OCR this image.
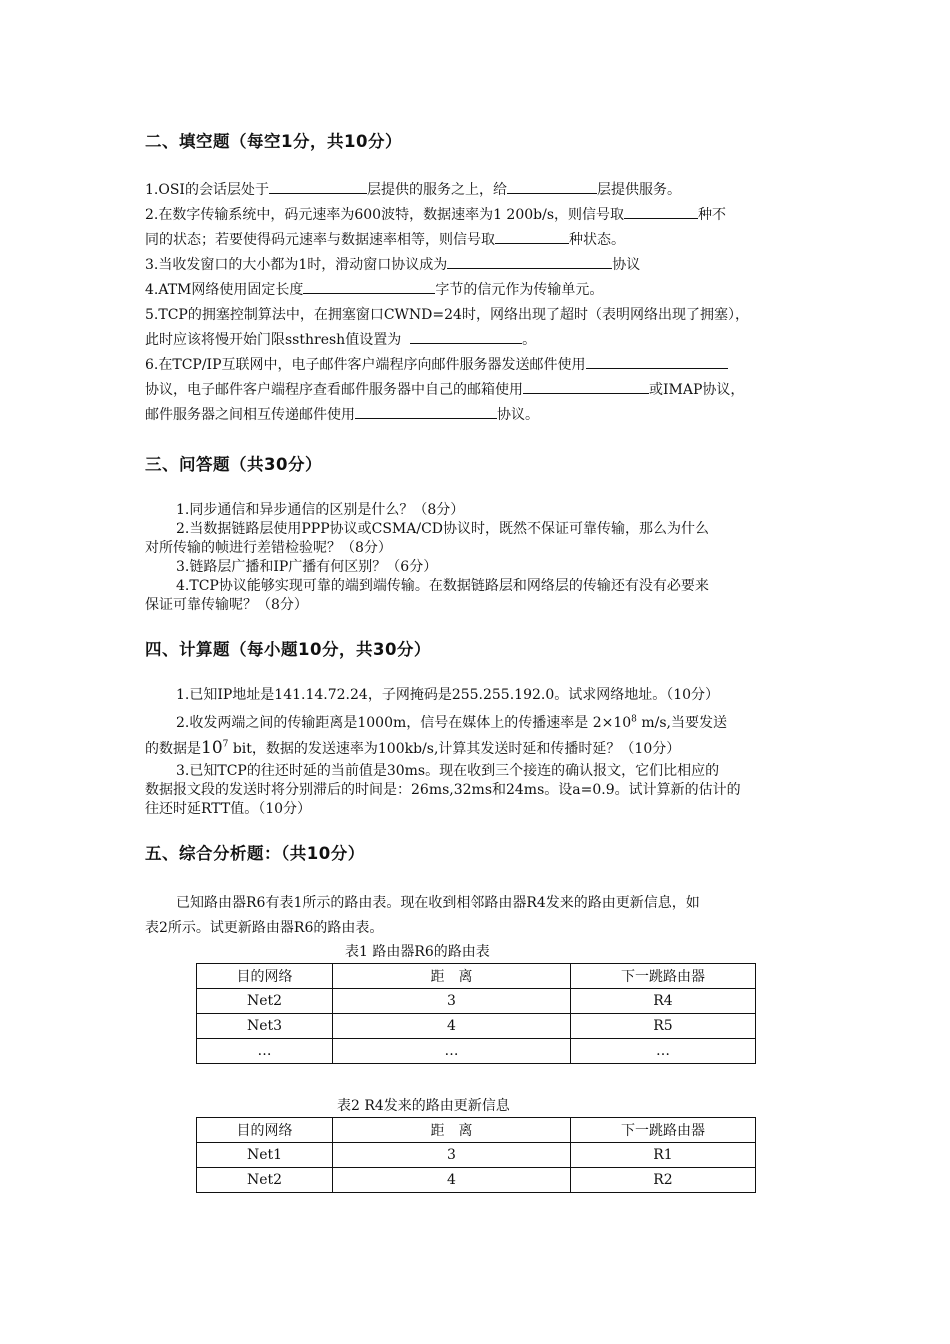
二、填空题（每空1分，共10分）
1.OSI的会话层处于	层提供的服务之上，给	层提供服务。
2.在数字传输系统中，码元速率为600波特，数据速率为1 200b/s，则信号取	种不
同的状态；若要使得码元速率与数据速率相等，则信号取	种状态。
3.当收发窗口的大小都为1时，滑动窗口协议成为	协议
4.ATM网络使用固定长度	字节的信元作为传输单元。
5.TCP的拥塞控制算法中，在拥塞窗口CWND=24时，网络出现了超时（表明网络出现了拥塞），
此时应该将慢开始门限ssthresh值设置为	。
6.在TCP/IP互联网中，电子邮件客户端程序向邮件服务器发送邮件使用
协议，电子邮件客户端程序查看邮件服务器中自己的邮箱使用	或IMAP协议，
邮件服务器之间相互传递邮件使用	协议。
三、问答题（共30分）
1.同步通信和异步通信的区别是什么？（8分）
2.当数据链路层使用PPP协议或CSMA/CD协议时，既然不保证可靠传输，那么为什么
对所传输的帧进行差错检验呢？（8分）
3.链路层广播和IP广播有何区别？（6分）
4.TCP协议能够实现可靠的端到端传输。在数据链路层和网络层的传输还有没有必要来
保证可靠传输呢？（8分）
四、计算题（每小题10分，共30分）
1.已知IP地址是141.14.72.24，子网掩码是255.255.192.0。试求网络地址。（10分）
2.收发两端之间的传输距离是1000m，信号在媒体上的传播速率是 $2\times 10^8$ m/s,当要发送
的数据是$10^7$ bit，数据的发送速率为100kb/s,计算其发送时延和传播时延？（10分）
3.已知TCP的往还时延的当前值是30ms。现在收到三个接连的确认报文，它们比相应的
数据报文段的发送时将分别滞后的时间是：26ms,32ms和24ms。设a=0.9。试计算新的估计的
往还时延RTT值。（10分）
五、综合分析题：（共10分）
已知路由器R6有表1所示的路由表。现在收到相邻路由器R4发来的路由更新信息，如
表2所示。试更新路由器R6的路由表。
表1 路由器R6的路由表
目的网络	距　离	下一跳路由器
Net2	3	R4
Net3	4	R5
…	…	…
表2 R4发来的路由更新信息
目的网络	距　离	下一跳路由器
Net1	3	R1
Net2	4	R2
